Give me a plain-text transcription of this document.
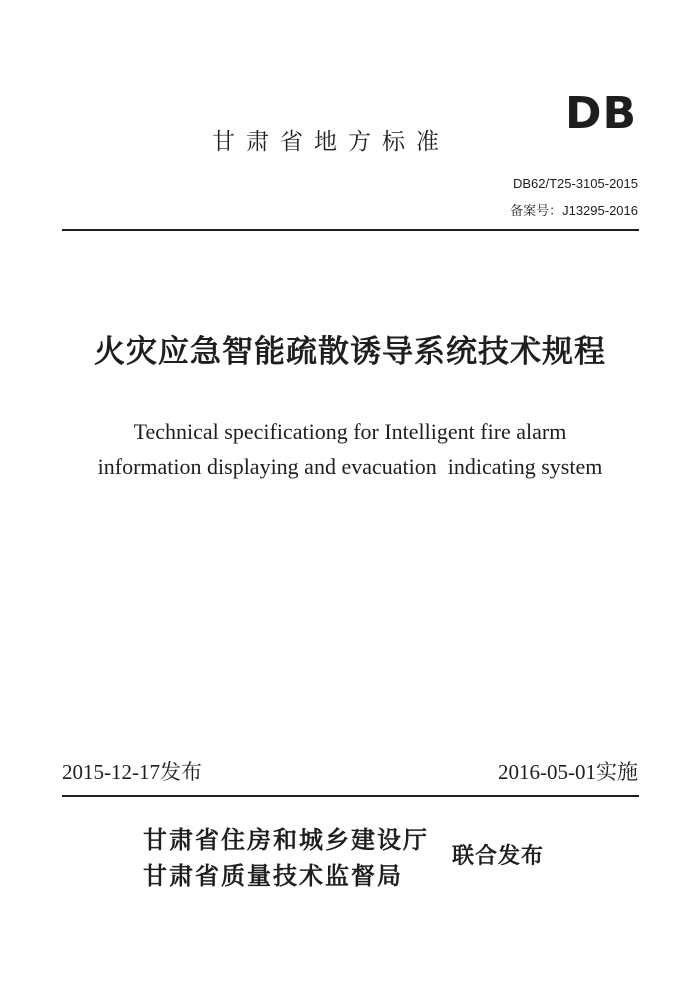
DB
甘肃省地方标准
DB62/T25-3105-2015
备案号：J13295-2016
火灾应急智能疏散诱导系统技术规程
Technical specificationg for Intelligent fire alarm
information displaying and evacuation  indicating system
2015-12-17发布	2016-05-01实施
甘肃省住房和城乡建设厅
甘肃省质量技术监督局
联合发布
